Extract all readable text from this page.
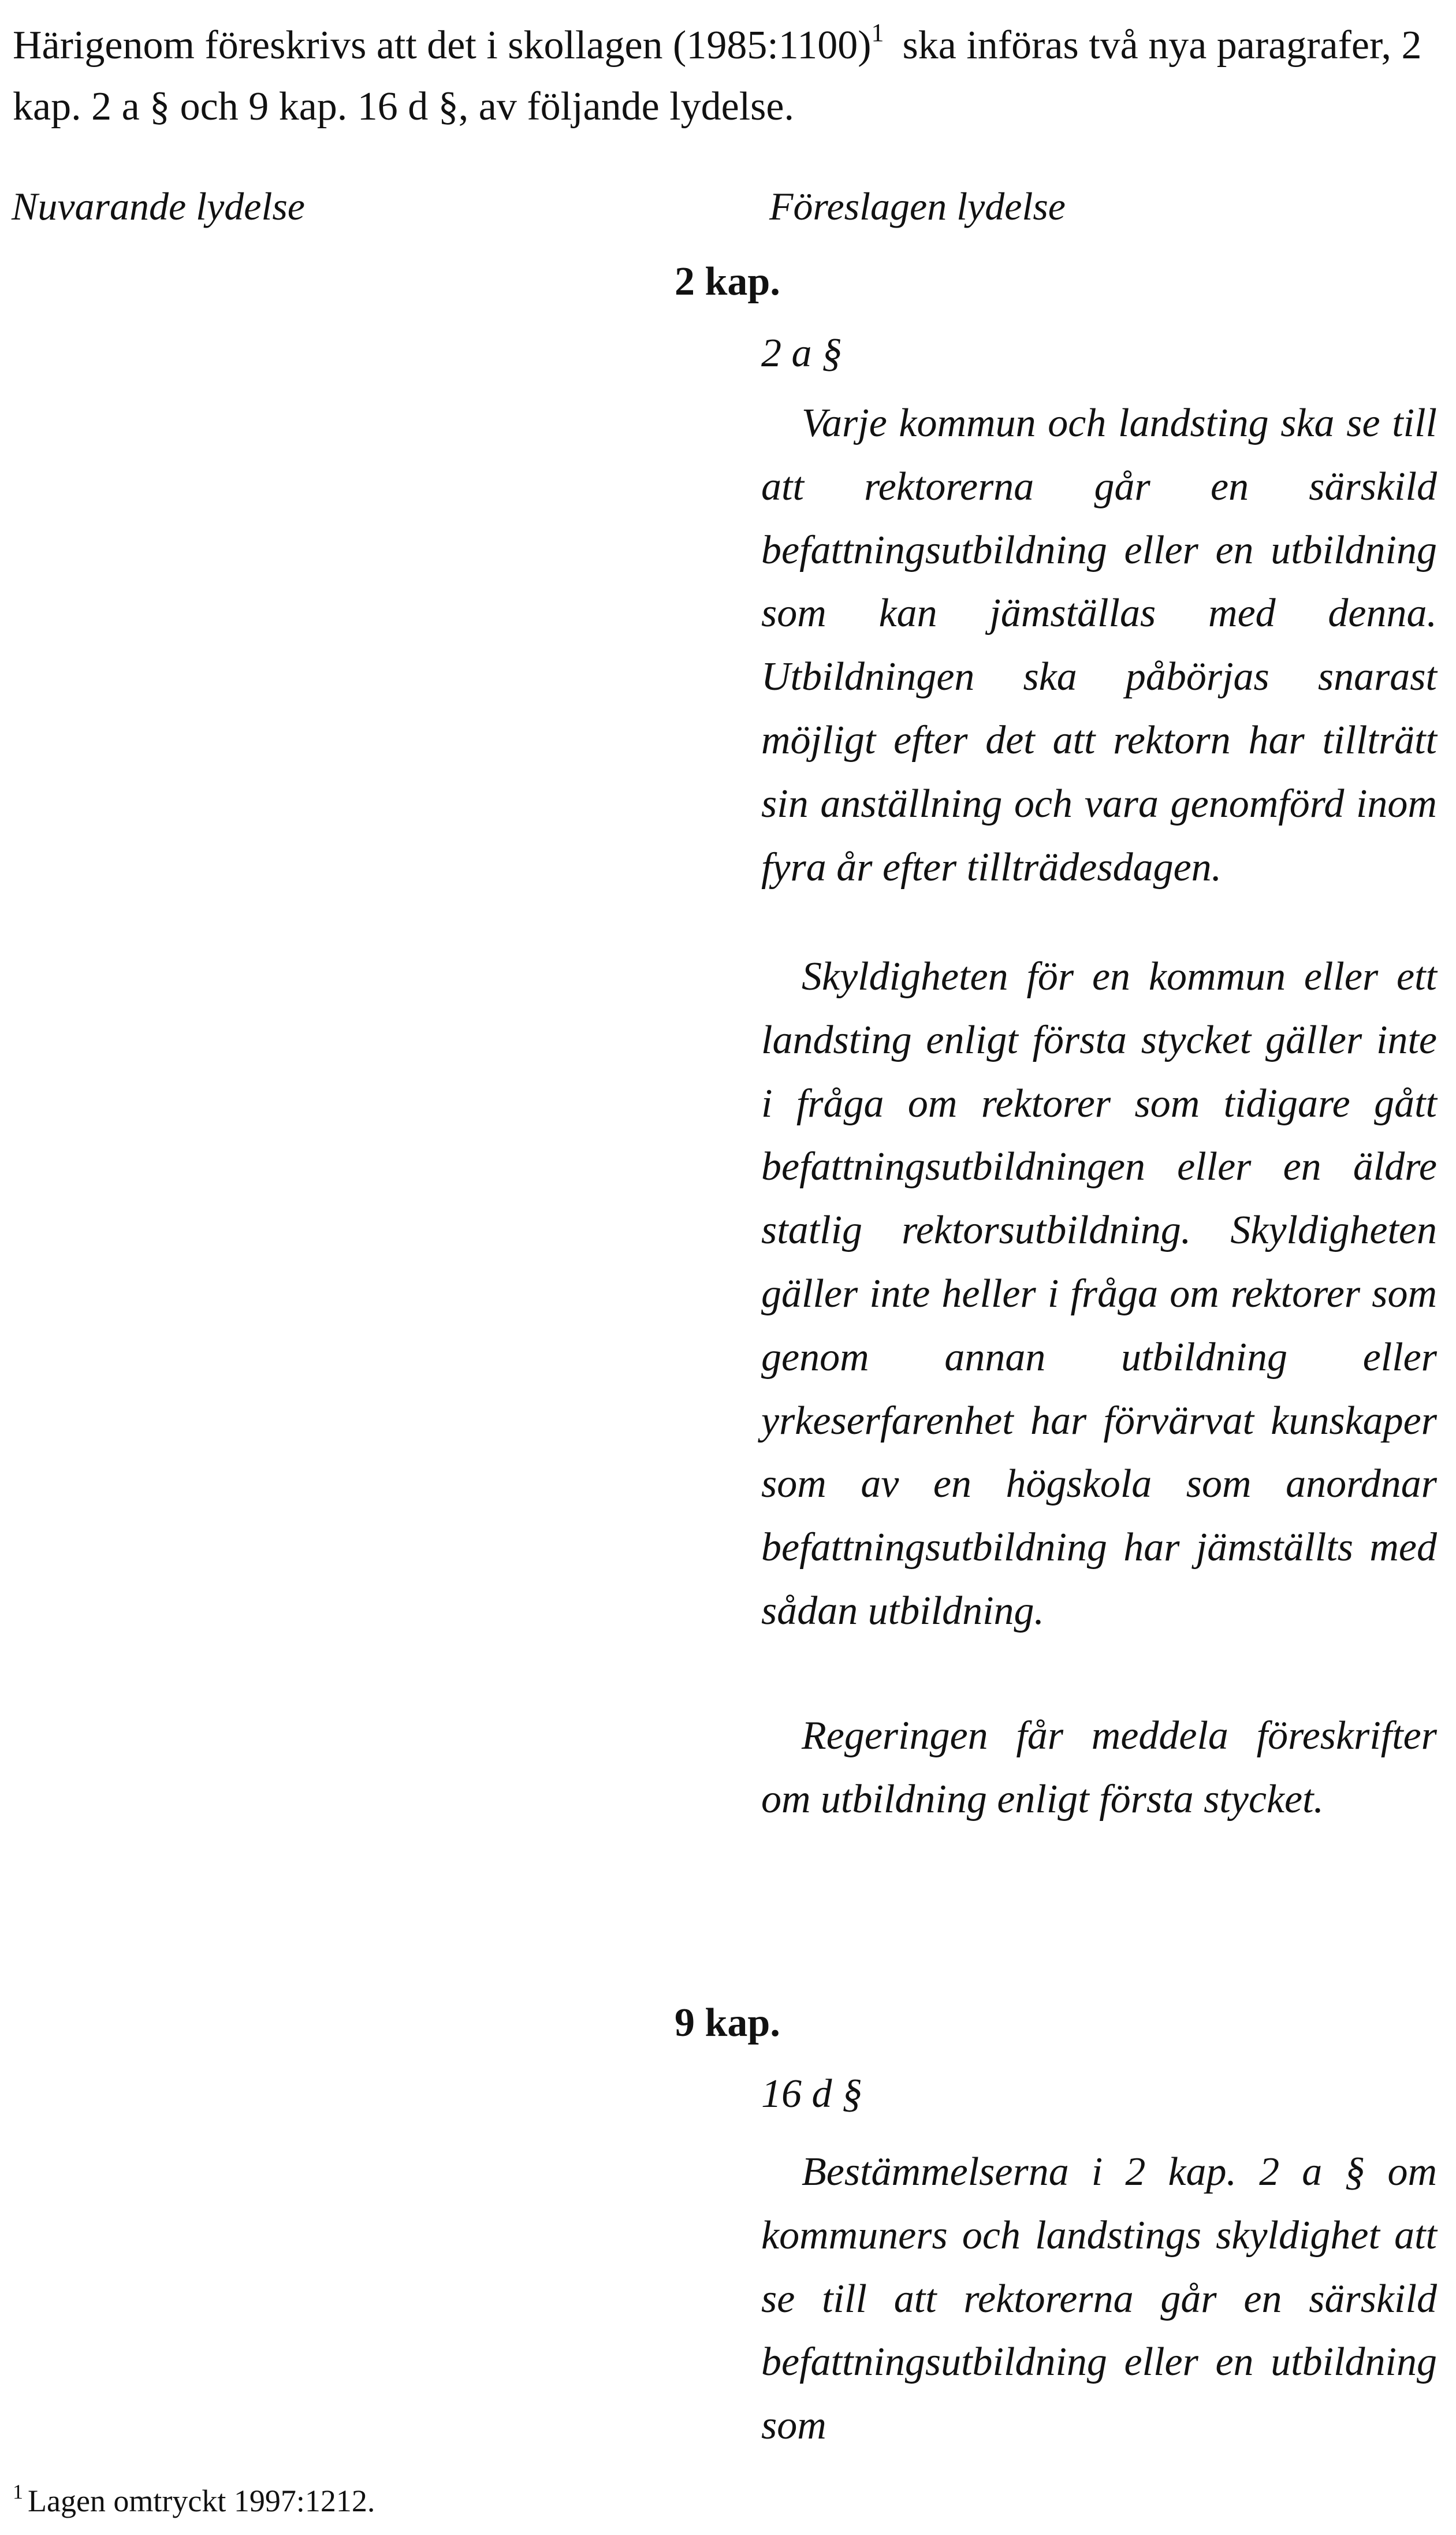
Härigenom föreskrivs att det i skollagen (1985:1100)$^1$ ska införas två nya paragrafer, 2 kap. 2 a § och 9 kap. 16 d §, av följande lydelse.

Nuvarande lydelse	Föreslagen lydelse

2 kap.

2 a §

Varje kommun och landsting ska se till att rektorerna går en särskild befattningsutbildning eller en utbildning som kan jämställas med denna. Utbildningen ska påbörjas snarast möjligt efter det att rektorn har tillträtt sin anställning och vara genomförd inom fyra år efter tillträdesdagen.

Skyldigheten för en kommun eller ett landsting enligt första stycket gäller inte i fråga om rektorer som tidigare gått befattningsutbildningen eller en äldre statlig rektorsutbildning. Skyldigheten gäller inte heller i fråga om rektorer som genom annan utbildning eller yrkeserfarenhet har förvärvat kunskaper som av en högskola som anordnar befattningsutbildning har jämställts med sådan utbildning.

Regeringen får meddela föreskrifter om utbildning enligt första stycket.

9 kap.

16 d §

Bestämmelserna i 2 kap. 2 a § om kommuners och landstings skyldighet att se till att rektorerna går en särskild befattningsutbildning eller en utbildning som

$^1$ Lagen omtryckt 1997:1212.
